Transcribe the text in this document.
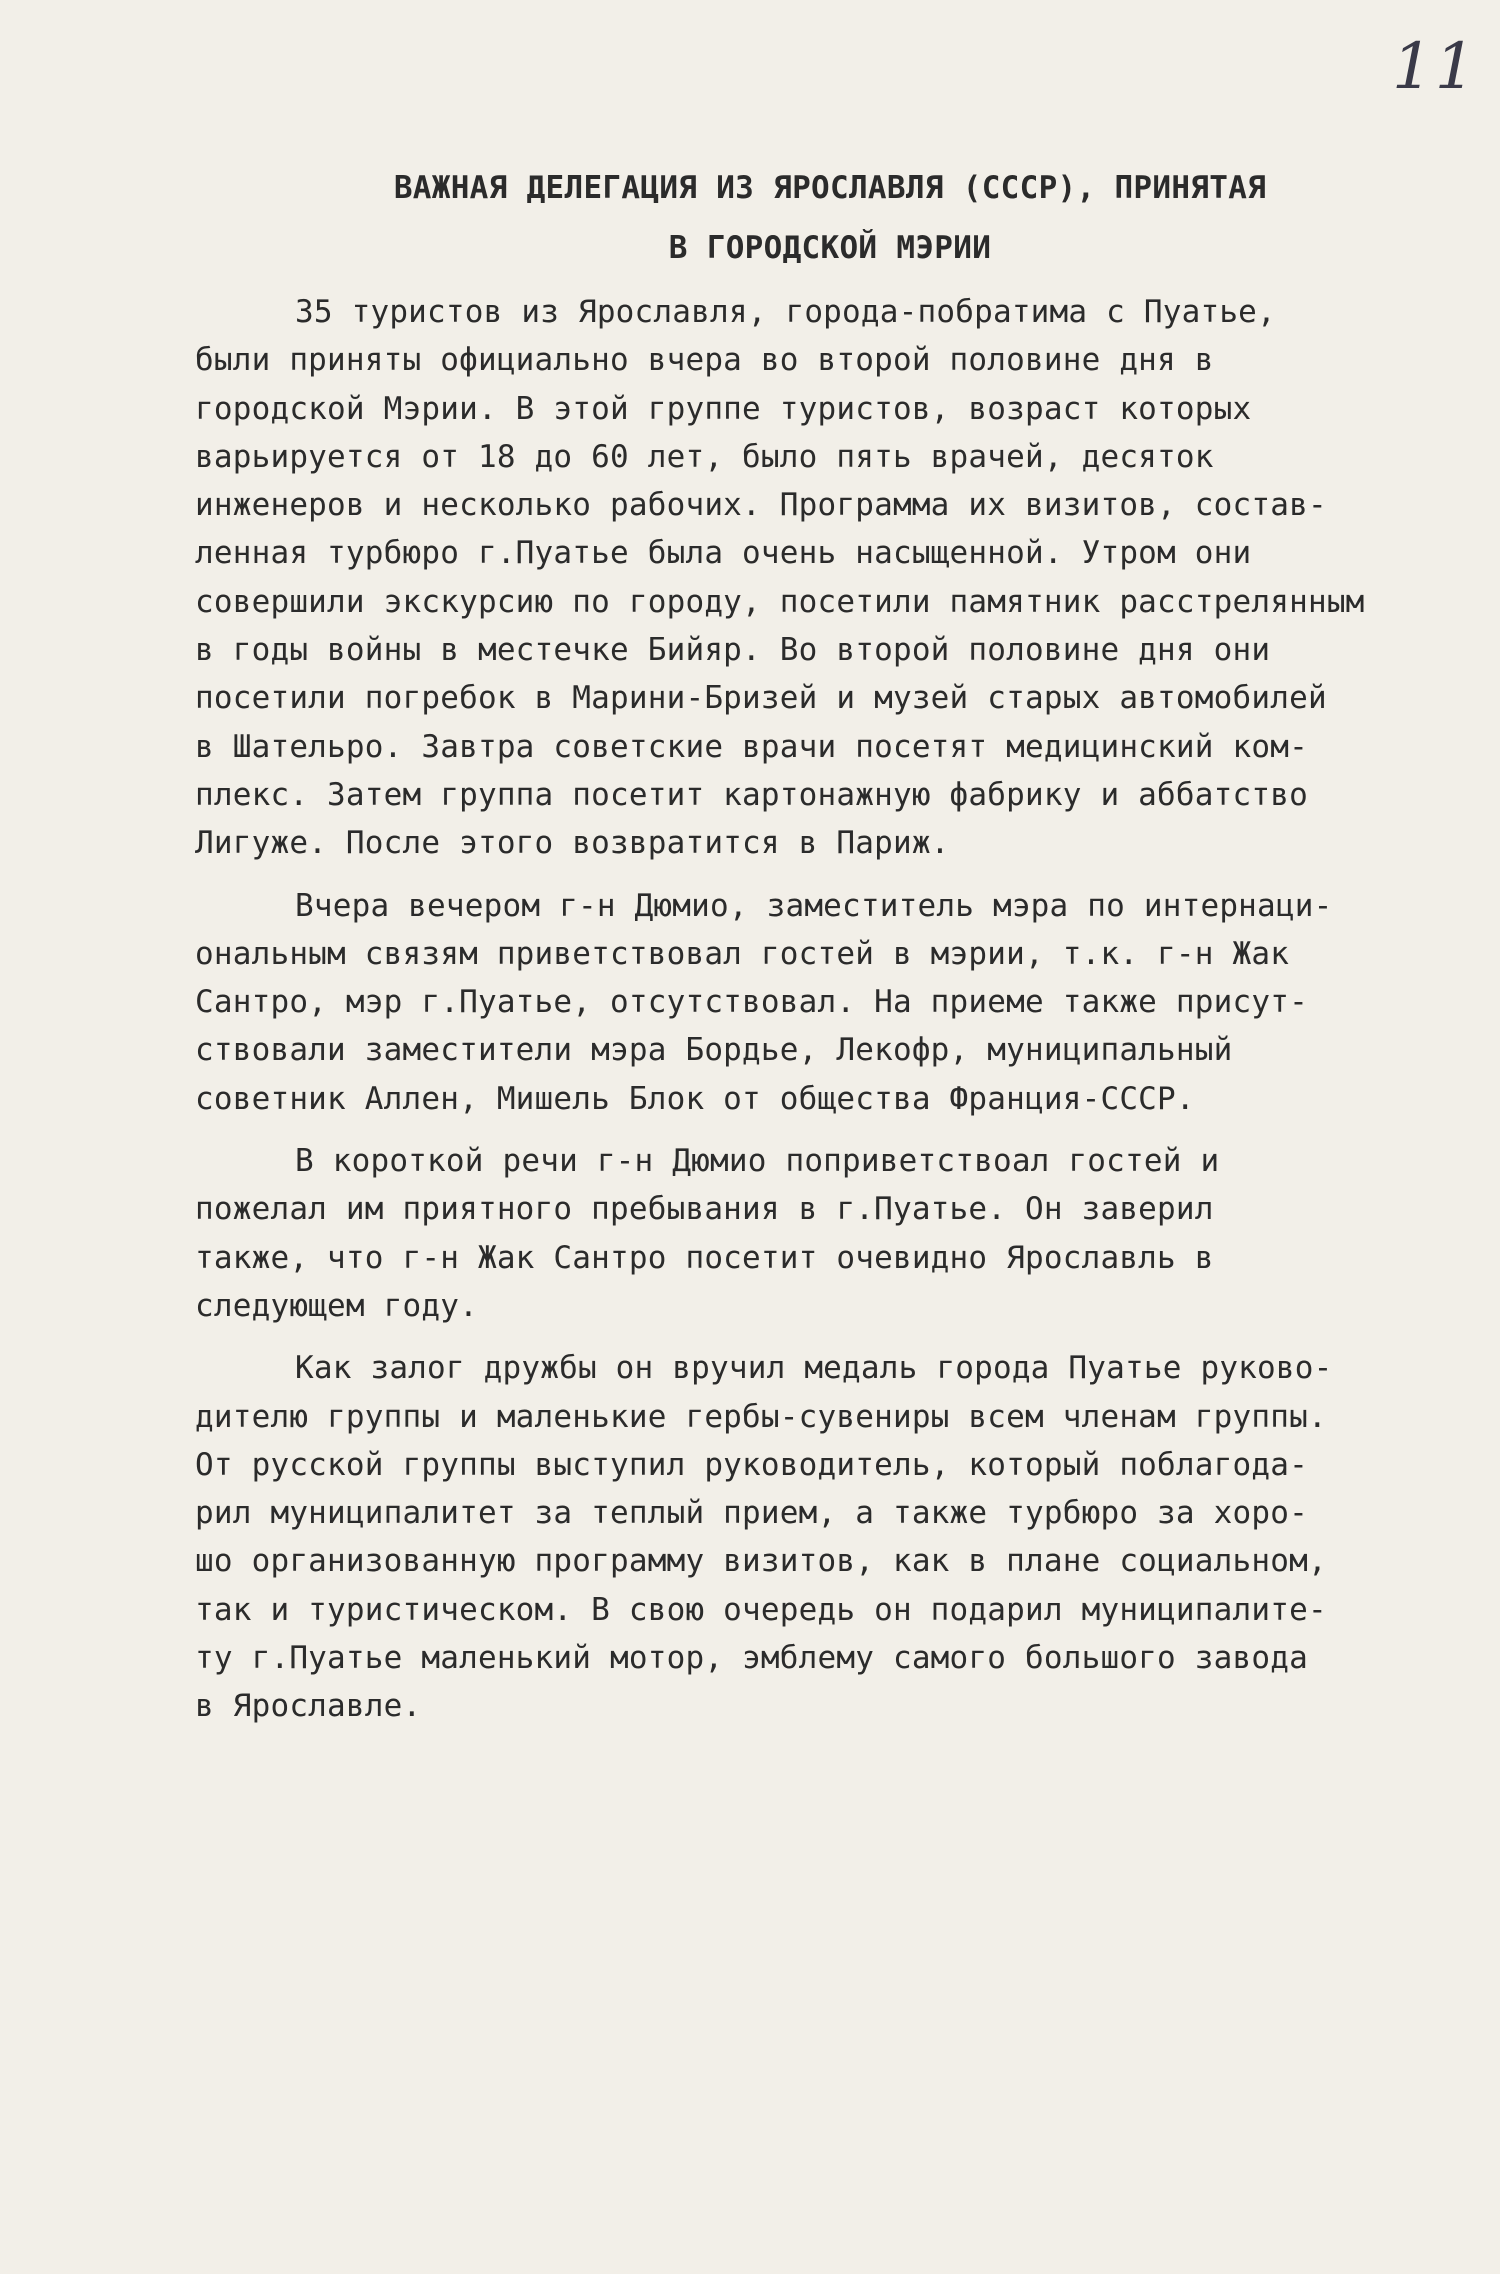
11
ВАЖНАЯ ДЕЛЕГАЦИЯ ИЗ ЯРОСЛАВЛЯ (СССР), ПРИНЯТАЯ
В ГОРОДСКОЙ МЭРИИ
35 туристов из Ярославля, города-побратима с Пуатье,
были приняты официально вчера во второй половине дня в
городской Мэрии. В этой группе туристов, возраст которых
варьируется от 18 до 60 лет, было пять врачей, десяток
инженеров и несколько рабочих. Программа их визитов, состав-
ленная турбюро г.Пуатье была очень насыщенной. Утром они
совершили экскурсию по городу, посетили памятник расстрелянным
в годы войны в местечке Бийяр. Во второй половине дня они
посетили погребок в Марини-Бризей и музей старых автомобилей
в Шательро. Завтра советские врачи посетят медицинский ком-
плекс. Затем группа посетит картонажную фабрику и аббатство
Лигуже. После этого возвратится в Париж.
Вчера вечером г-н Дюмио, заместитель мэра по интернаци-
ональным связям приветствовал гостей в мэрии, т.к. г-н Жак
Сантро, мэр г.Пуатье, отсутствовал. На приеме также присут-
ствовали заместители мэра Бордье, Лекофр, муниципальный
советник Аллен, Мишель Блок от общества Франция-СССР.
В короткой речи г-н Дюмио поприветствоал гостей и
пожелал им приятного пребывания в г.Пуатье. Он заверил
также, что г-н Жак Сантро посетит очевидно Ярославль в
следующем году.
Как залог дружбы он вручил медаль города Пуатье руково-
дителю группы и маленькие гербы-сувениры всем членам группы.
От русской группы выступил руководитель, который поблагода-
рил муниципалитет за теплый прием, а также турбюро за хоро-
шо организованную программу визитов, как в плане социальном,
так и туристическом. В свою очередь он подарил муниципалите-
ту г.Пуатье маленький мотор, эмблему самого большого завода
в Ярославле.
